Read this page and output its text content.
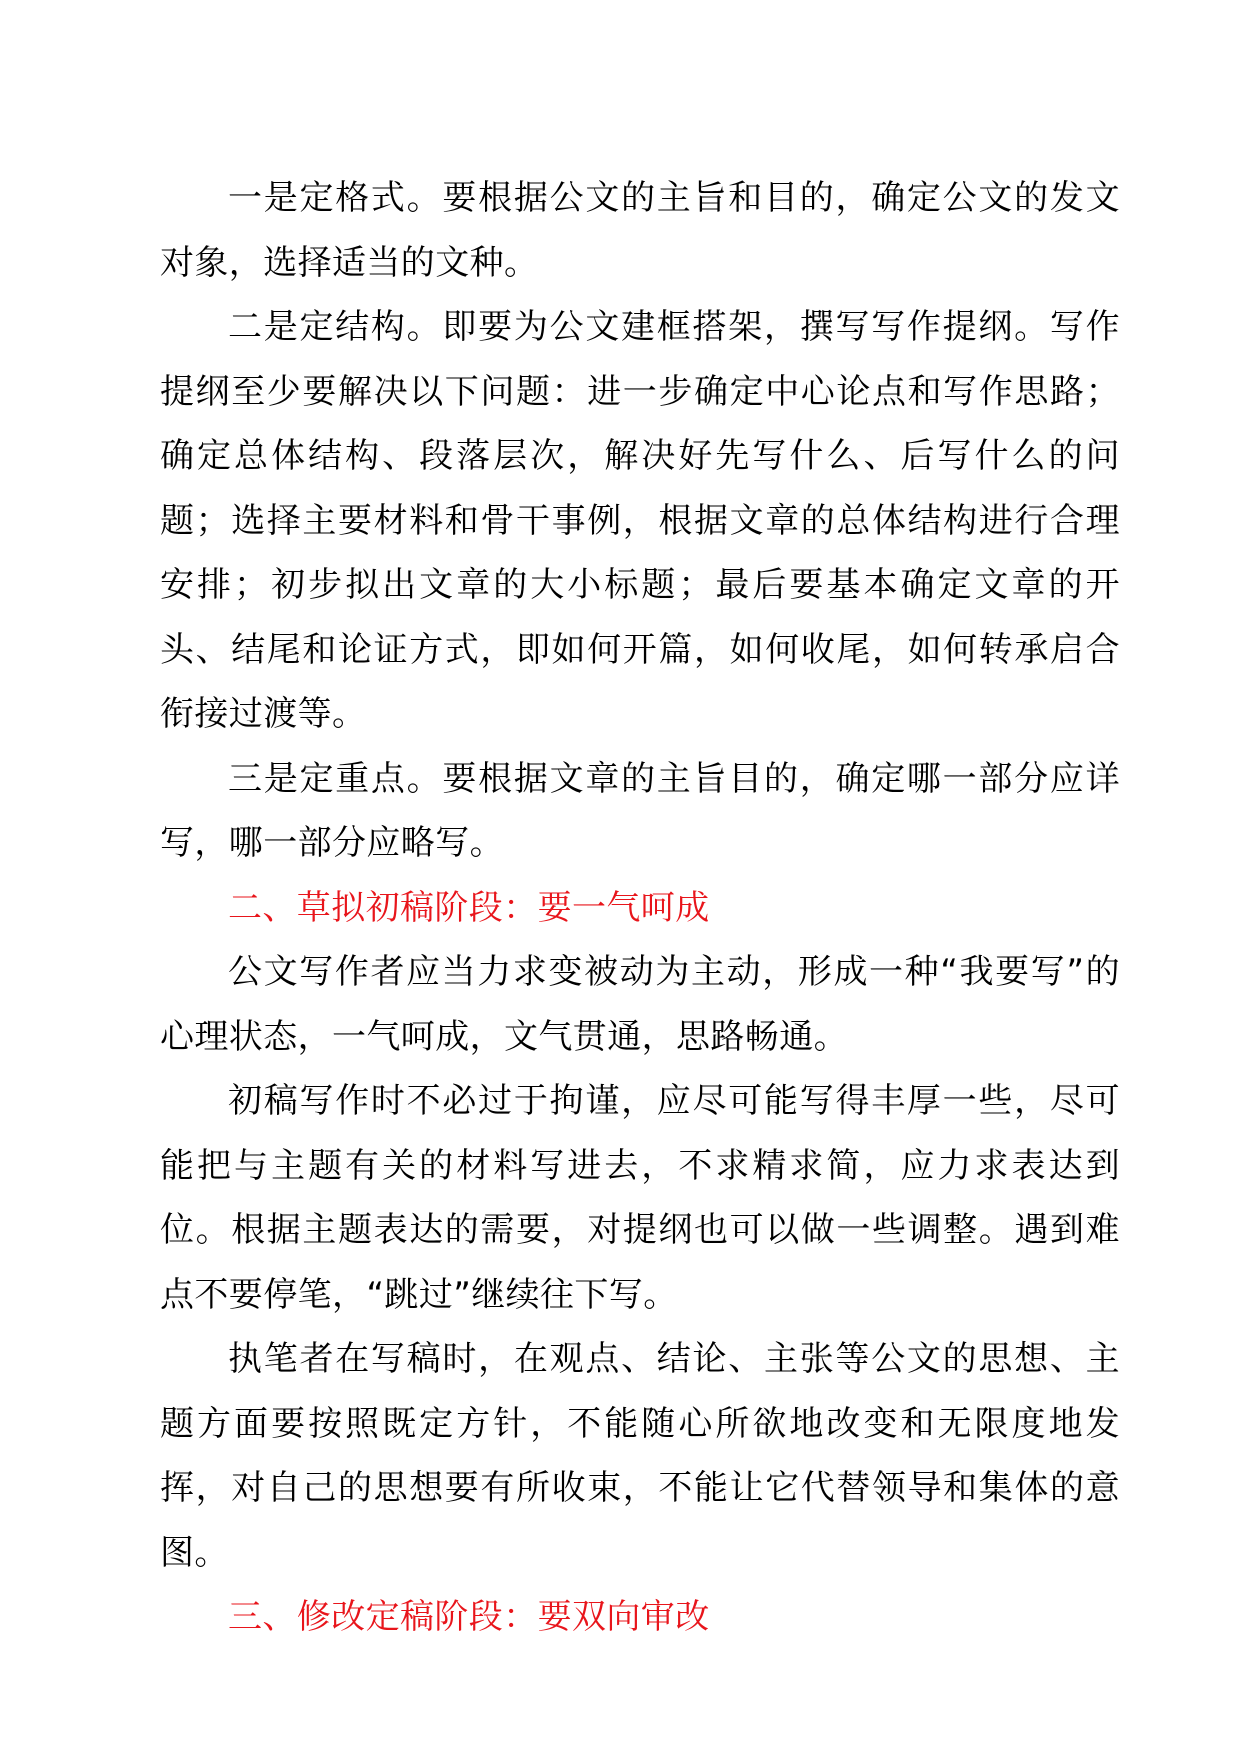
一是定格式。要根据公文的主旨和目的，确定公文的发文对象，选择适当的文种。

二是定结构。即要为公文建框搭架，撰写写作提纲。写作提纲至少要解决以下问题：进一步确定中心论点和写作思路；确定总体结构、段落层次，解决好先写什么、后写什么的问题；选择主要材料和骨干事例，根据文章的总体结构进行合理安排；初步拟出文章的大小标题；最后要基本确定文章的开头、结尾和论证方式，即如何开篇，如何收尾，如何转承启合衔接过渡等。

三是定重点。要根据文章的主旨目的，确定哪一部分应详写，哪一部分应略写。

二、草拟初稿阶段：要一气呵成

公文写作者应当力求变被动为主动，形成一种“我要写”的心理状态，一气呵成，文气贯通，思路畅通。

初稿写作时不必过于拘谨，应尽可能写得丰厚一些，尽可能把与主题有关的材料写进去，不求精求简，应力求表达到位。根据主题表达的需要，对提纲也可以做一些调整。遇到难点不要停笔，“跳过”继续往下写。

执笔者在写稿时，在观点、结论、主张等公文的思想、主题方面要按照既定方针，不能随心所欲地改变和无限度地发挥，对自己的思想要有所收束，不能让它代替领导和集体的意图。

三、修改定稿阶段：要双向审改
